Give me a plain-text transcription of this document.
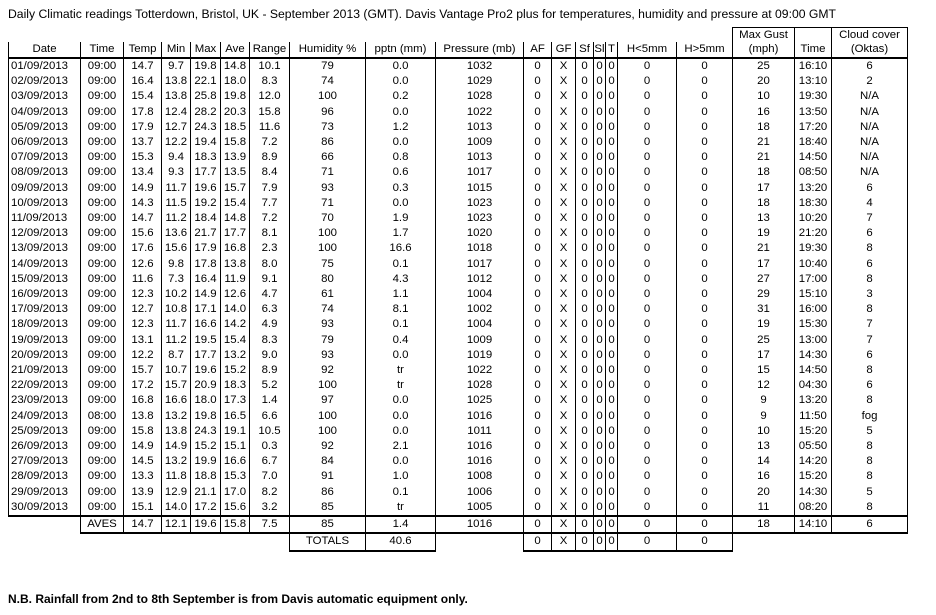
Daily Climatic readings Totterdown, Bristol, UK - September 2013 (GMT). Davis Vantage Pro2 plus for temperatures, humidity and pressure at 09:00 GMT
																	Max Gust		Cloud cover
Date	Time	Temp	Min	Max	Ave	Range	Humidity %	pptn (mm)	Pressure (mb)	AF	GF	Sf	Sl	T	H<5mm	H>5mm	(mph)	Time	(Oktas)
01/09/2013	09:00	14.7	9.7	19.8	14.8	10.1	79	0.0	1032	0	X	0	0	0	0	0	25	16:10	6
02/09/2013	09:00	16.4	13.8	22.1	18.0	8.3	74	0.0	1029	0	X	0	0	0	0	0	20	13:10	2
03/09/2013	09:00	15.4	13.8	25.8	19.8	12.0	100	0.2	1028	0	X	0	0	0	0	0	10	19:30	N/A
04/09/2013	09:00	17.8	12.4	28.2	20.3	15.8	96	0.0	1022	0	X	0	0	0	0	0	16	13:50	N/A
05/09/2013	09:00	17.9	12.7	24.3	18.5	11.6	73	1.2	1013	0	X	0	0	0	0	0	18	17:20	N/A
06/09/2013	09:00	13.7	12.2	19.4	15.8	7.2	86	0.0	1009	0	X	0	0	0	0	0	21	18:40	N/A
07/09/2013	09:00	15.3	9.4	18.3	13.9	8.9	66	0.8	1013	0	X	0	0	0	0	0	21	14:50	N/A
08/09/2013	09:00	13.4	9.3	17.7	13.5	8.4	71	0.6	1017	0	X	0	0	0	0	0	18	08:50	N/A
09/09/2013	09:00	14.9	11.7	19.6	15.7	7.9	93	0.3	1015	0	X	0	0	0	0	0	17	13:20	6
10/09/2013	09:00	14.3	11.5	19.2	15.4	7.7	71	0.0	1023	0	X	0	0	0	0	0	18	18:30	4
11/09/2013	09:00	14.7	11.2	18.4	14.8	7.2	70	1.9	1023	0	X	0	0	0	0	0	13	10:20	7
12/09/2013	09:00	15.6	13.6	21.7	17.7	8.1	100	1.7	1020	0	X	0	0	0	0	0	19	21:20	6
13/09/2013	09:00	17.6	15.6	17.9	16.8	2.3	100	16.6	1018	0	X	0	0	0	0	0	21	19:30	8
14/09/2013	09:00	12.6	9.8	17.8	13.8	8.0	75	0.1	1017	0	X	0	0	0	0	0	17	10:40	6
15/09/2013	09:00	11.6	7.3	16.4	11.9	9.1	80	4.3	1012	0	X	0	0	0	0	0	27	17:00	8
16/09/2013	09:00	12.3	10.2	14.9	12.6	4.7	61	1.1	1004	0	X	0	0	0	0	0	29	15:10	3
17/09/2013	09:00	12.7	10.8	17.1	14.0	6.3	74	8.1	1002	0	X	0	0	0	0	0	31	16:00	8
18/09/2013	09:00	12.3	11.7	16.6	14.2	4.9	93	0.1	1004	0	X	0	0	0	0	0	19	15:30	7
19/09/2013	09:00	13.1	11.2	19.5	15.4	8.3	79	0.4	1009	0	X	0	0	0	0	0	25	13:00	7
20/09/2013	09:00	12.2	8.7	17.7	13.2	9.0	93	0.0	1019	0	X	0	0	0	0	0	17	14:30	6
21/09/2013	09:00	15.7	10.7	19.6	15.2	8.9	92	tr	1022	0	X	0	0	0	0	0	15	14:50	8
22/09/2013	09:00	17.2	15.7	20.9	18.3	5.2	100	tr	1028	0	X	0	0	0	0	0	12	04:30	6
23/09/2013	09:00	16.8	16.6	18.0	17.3	1.4	97	0.0	1025	0	X	0	0	0	0	0	9	13:20	8
24/09/2013	08:00	13.8	13.2	19.8	16.5	6.6	100	0.0	1016	0	X	0	0	0	0	0	9	11:50	fog
25/09/2013	09:00	15.8	13.8	24.3	19.1	10.5	100	0.0	1011	0	X	0	0	0	0	0	10	15:20	5
26/09/2013	09:00	14.9	14.9	15.2	15.1	0.3	92	2.1	1016	0	X	0	0	0	0	0	13	05:50	8
27/09/2013	09:00	14.5	13.2	19.9	16.6	6.7	84	0.0	1016	0	X	0	0	0	0	0	14	14:20	8
28/09/2013	09:00	13.3	11.8	18.8	15.3	7.0	91	1.0	1008	0	X	0	0	0	0	0	16	15:20	8
29/09/2013	09:00	13.9	12.9	21.1	17.0	8.2	86	0.1	1006	0	X	0	0	0	0	0	20	14:30	5
30/09/2013	09:00	15.1	14.0	17.2	15.6	3.2	85	tr	1005	0	X	0	0	0	0	0	11	08:20	8
	AVES	14.7	12.1	19.6	15.8	7.5	85	1.4	1016	0	X	0	0	0	0	0	18	14:10	6
							TOTALS	40.6		0	X	0	0	0	0	0			
N.B. Rainfall from 2nd to 8th September is from Davis automatic equipment only.
